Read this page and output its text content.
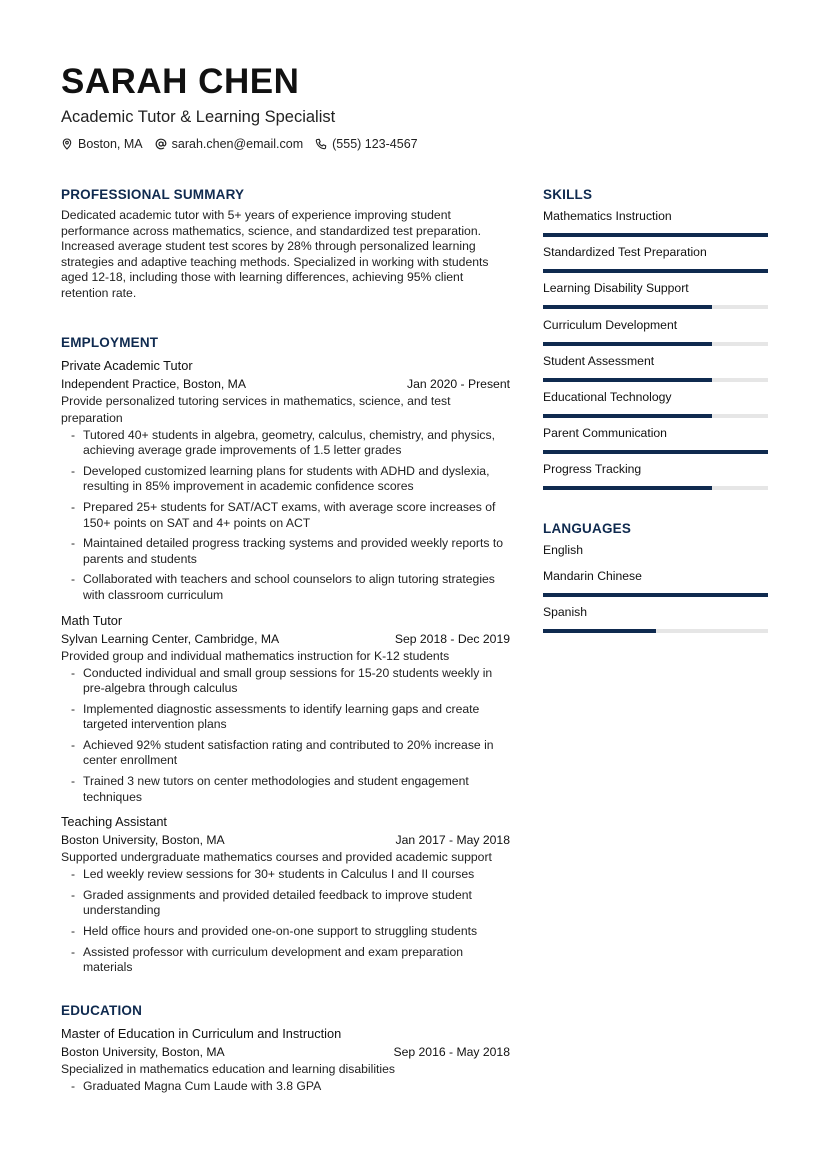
SARAH CHEN
Academic Tutor & Learning Specialist
Boston, MA sarah.chen@email.com (555) 123-4567
PROFESSIONAL SUMMARY

Dedicated academic tutor with 5+ years of experience improving student performance across mathematics, science, and standardized test preparation. Increased average student test scores by 28% through personalized learning strategies and adaptive teaching methods. Specialized in working with students aged 12-18, including those with learning differences, achieving 95% client retention rate.

EMPLOYMENT
Private Academic Tutor
Independent Practice, Boston, MA	Jan 2020 - Present
Provide personalized tutoring services in mathematics, science, and test preparation
- Tutored 40+ students in algebra, geometry, calculus, chemistry, and physics, achieving average grade improvements of 1.5 letter grades
- Developed customized learning plans for students with ADHD and dyslexia, resulting in 85% improvement in academic confidence scores
- Prepared 25+ students for SAT/ACT exams, with average score increases of 150+ points on SAT and 4+ points on ACT
- Maintained detailed progress tracking systems and provided weekly reports to parents and students
- Collaborated with teachers and school counselors to align tutoring strategies with classroom curriculum
Math Tutor
Sylvan Learning Center, Cambridge, MA	Sep 2018 - Dec 2019
Provided group and individual mathematics instruction for K-12 students
- Conducted individual and small group sessions for 15-20 students weekly in pre-algebra through calculus
- Implemented diagnostic assessments to identify learning gaps and create targeted intervention plans
- Achieved 92% student satisfaction rating and contributed to 20% increase in center enrollment
- Trained 3 new tutors on center methodologies and student engagement techniques
Teaching Assistant
Boston University, Boston, MA	Jan 2017 - May 2018
Supported undergraduate mathematics courses and provided academic support
- Led weekly review sessions for 30+ students in Calculus I and II courses
- Graded assignments and provided detailed feedback to improve student understanding
- Held office hours and provided one-on-one support to struggling students
- Assisted professor with curriculum development and exam preparation materials
EDUCATION
Master of Education in Curriculum and Instruction
Boston University, Boston, MA	Sep 2016 - May 2018
Specialized in mathematics education and learning disabilities
- Graduated Magna Cum Laude with 3.8 GPA
SKILLS
Mathematics Instruction
Standardized Test Preparation
Learning Disability Support
Curriculum Development
Student Assessment
Educational Technology
Parent Communication
Progress Tracking
LANGUAGES
English
Mandarin Chinese
Spanish
